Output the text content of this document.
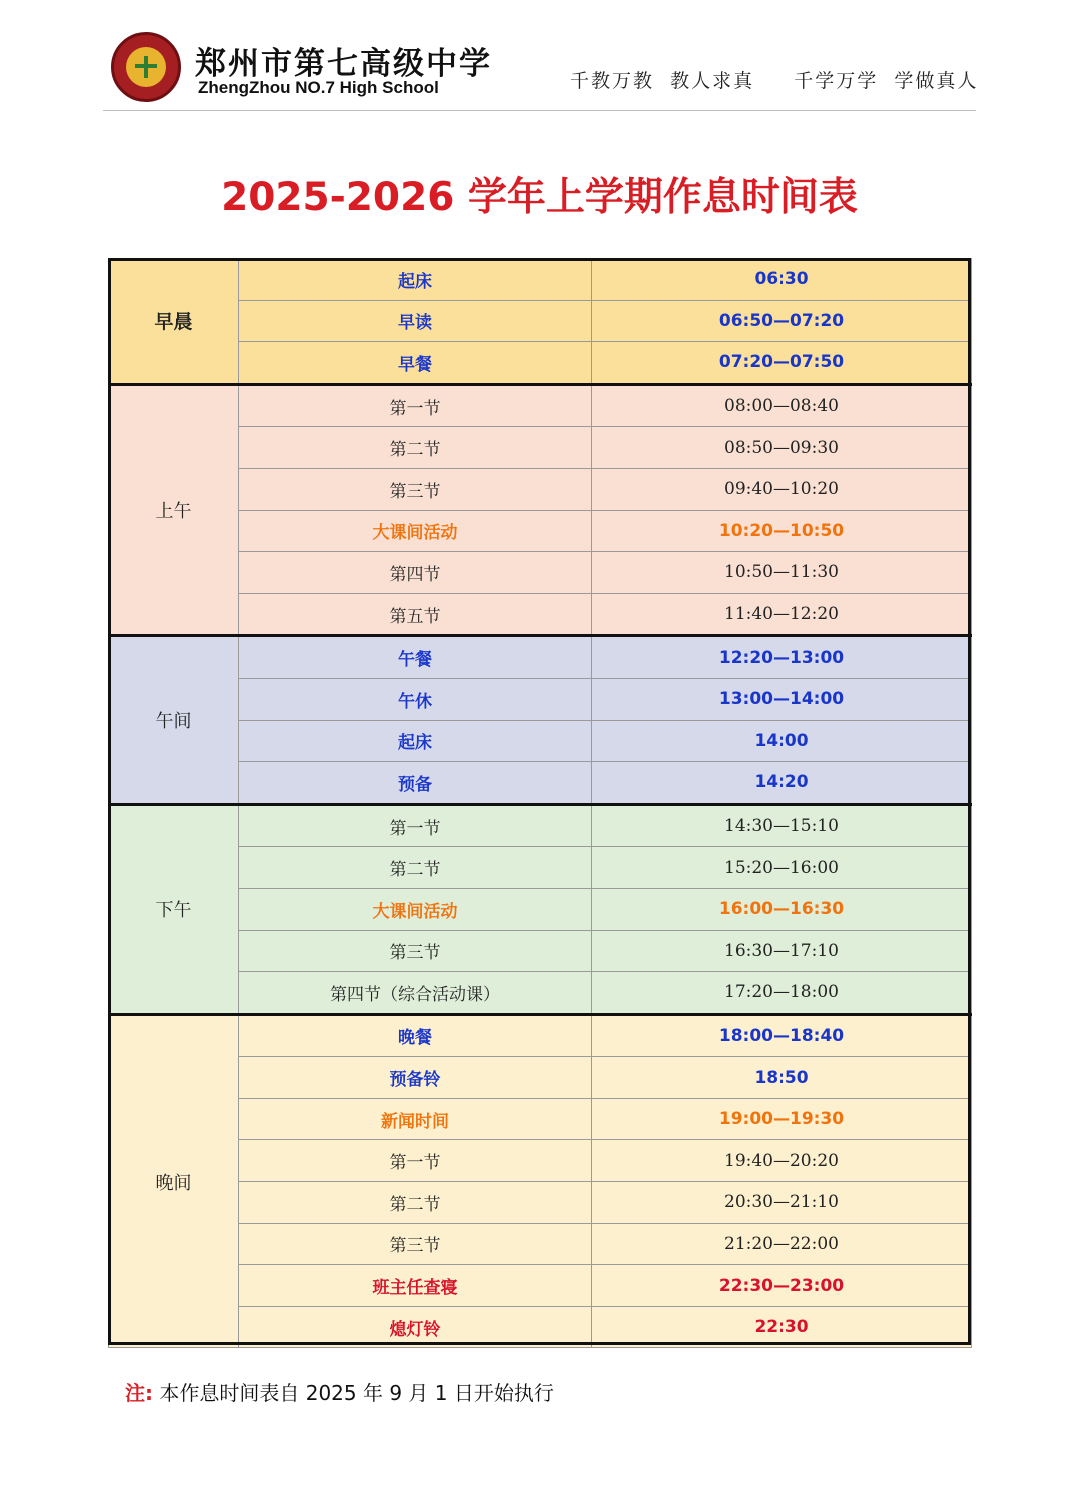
郑州市第七高级中学
ZhengZhou NO.7 High School	千教万教  教人求真     千学万学  学做真人
2025-2026 学年上学期作息时间表
早晨	起床	06:30
	早读	06:50—07:20
	早餐	07:20—07:50
上午	第一节	08:00—08:40
	第二节	08:50—09:30
	第三节	09:40—10:20
	大课间活动	10:20—10:50
	第四节	10:50—11:30
	第五节	11:40—12:20
午间	午餐	12:20—13:00
	午休	13:00—14:00
	起床	14:00
	预备	14:20
下午	第一节	14:30—15:10
	第二节	15:20—16:00
	大课间活动	16:00—16:30
	第三节	16:30—17:10
	第四节（综合活动课）	17:20—18:00
晚间	晚餐	18:00—18:40
	预备铃	18:50
	新闻时间	19:00—19:30
	第一节	19:40—20:20
	第二节	20:30—21:10
	第三节	21:20—22:00
	班主任查寝	22:30—23:00
	熄灯铃	22:30
注: 本作息时间表自 2025 年 9 月 1 日开始执行
